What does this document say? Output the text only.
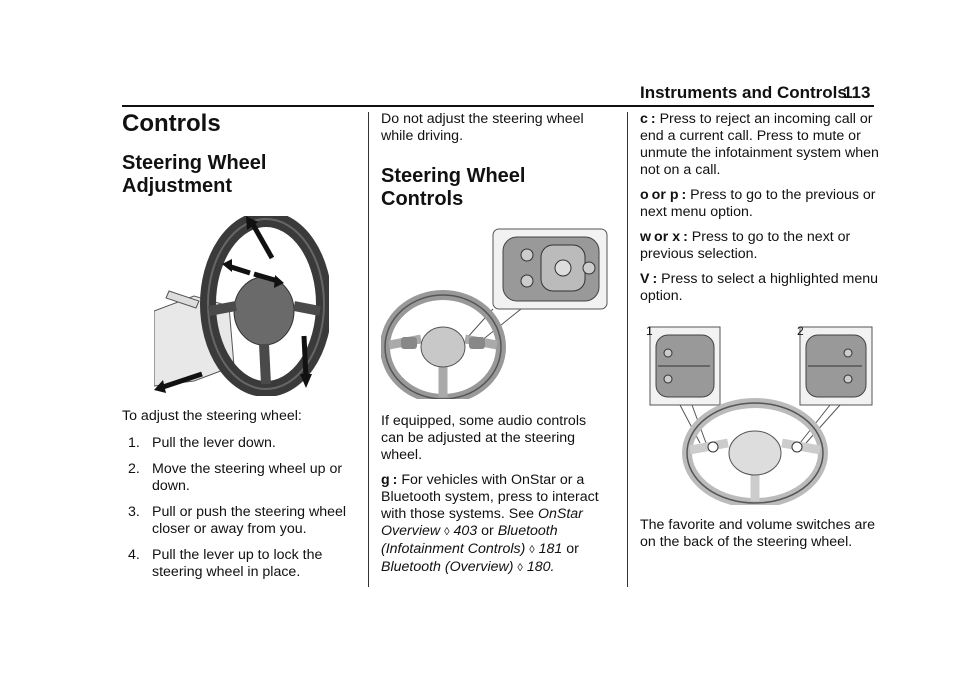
Instruments and Controls
113
Controls
Steering Wheel
Adjustment

To adjust the steering wheel:

1. Pull the lever down.
2. Move the steering wheel up or down.
3. Pull or push the steering wheel closer or away from you.
4. Pull the lever up to lock the steering wheel in place.

Do not adjust the steering wheel

while driving.

Steering Wheel Controls

If equipped, some audio controls can be adjusted at the steering wheel.

g : For vehicles with OnStar or a Bluetooth system, press to interact with those systems. See OnStar Overview ◊ 403 or Bluetooth (Infotainment Controls) ◊ 181 or Bluetooth (Overview) ◊ 180.

c : Press to reject an incoming call or end a current call. Press to mute or unmute the infotainment system when not on a call.

o or p : Press to go to the previous or next menu option.

w or x : Press to go to the next or previous selection.

V : Press to select a highlighted menu option.

1	2

The favorite and volume switches are on the back of the steering wheel.
